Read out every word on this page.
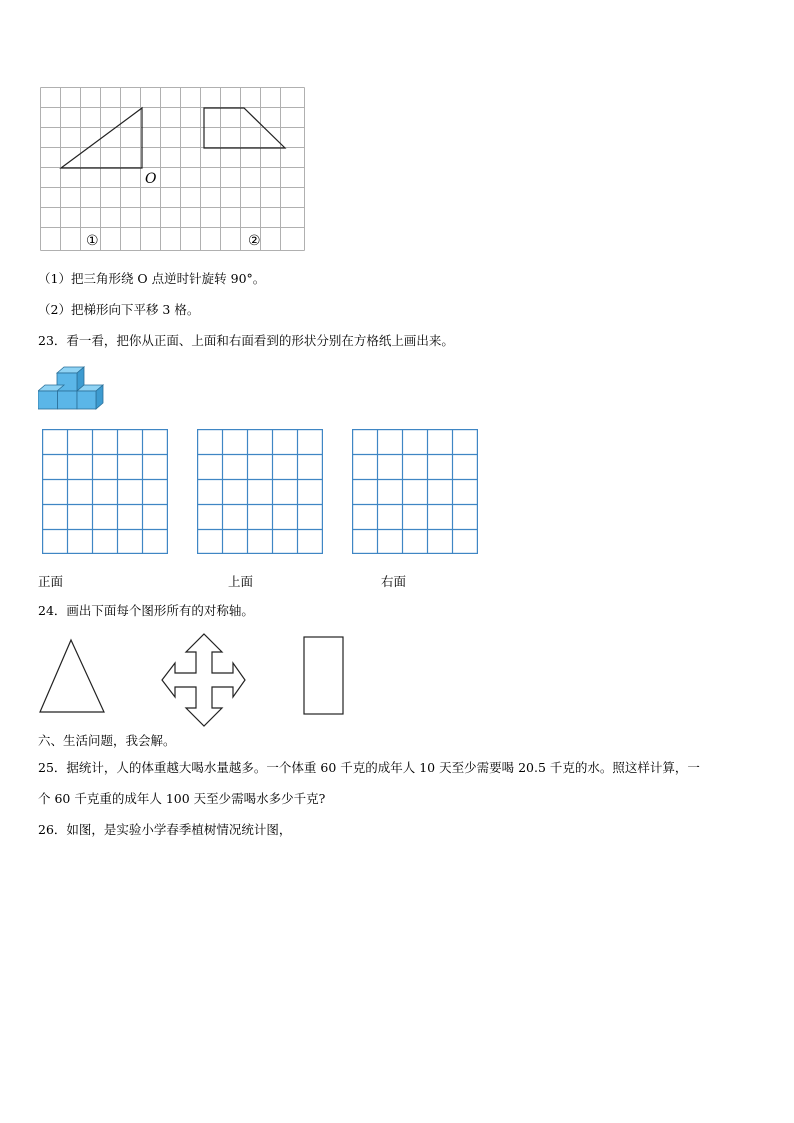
O
①	②
（1）把三角形绕 O 点逆时针旋转 90°。
（2）把梯形向下平移 3 格。
23．看一看，把你从正面、上面和右面看到的形状分别在方格纸上画出来。
正面	上面	右面
24．画出下面每个图形所有的对称轴。
六、生活问题，我会解。
25．据统计，人的体重越大喝水量越多。一个体重 60 千克的成年人 10 天至少需要喝 20.5 千克的水。照这样计算，一
个 60 千克重的成年人 100 天至少需喝水多少千克?
26．如图，是实验小学春季植树情况统计图，
